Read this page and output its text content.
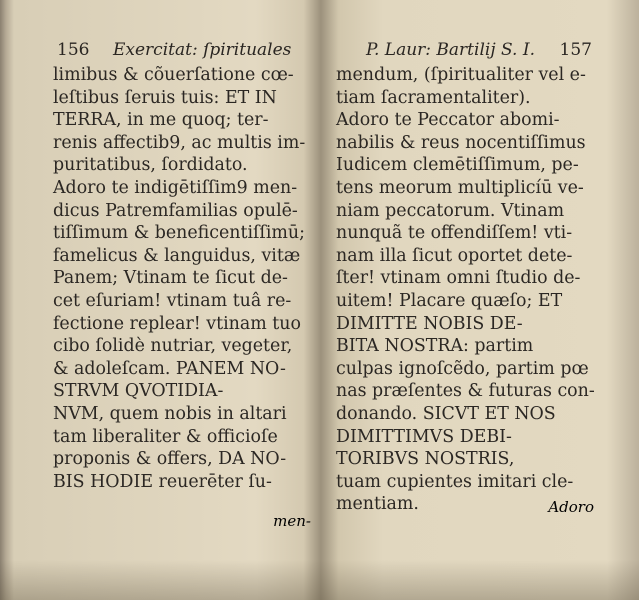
156 Exercitat: ſpirituales
limibus & cõuerſatione cœ-
leſtibus ſeruis tuis: ET IN
TERRA, in me quoq; ter-
renis affectib9, ac multis im-
puritatibus, ſordidato.
Adoro te indigētiſſim9 men-
dicus Patremfamilias opulē-
tiſſimum & beneficentiſſimū;
famelicus & languidus, vitæ
Panem; Vtinam te ſicut de-
cet eſuriam! vtinam tuâ re-
fectione replear! vtinam tuo
cibo ſolidè nutriar, vegeter,
& adoleſcam. PANEM NO-
STRVM QVOTIDIA-
NVM, quem nobis in altari
tam liberaliter & officioſe
proponis & offers, DA NO-
BIS HODIE reuerēter ſu-
men-
P. Laur: Bartilij S. I. 157
mendum, (ſpiritualiter vel e-
tiam ſacramentaliter).
Adoro te Peccator abomi-
nabilis & reus nocentiſſimus
Iudicem clemētiſſimum, pe-
tens meorum multiplicíū ve-
niam peccatorum. Vtinam
nunquã te offendiſſem! vti-
nam illa ſicut oportet dete-
ſter! vtinam omni ſtudio de-
uitem! Placare quæſo; ET
DIMITTE NOBIS DE-
BITA NOSTRA: partim
culpas ignoſcẽdo, partim pœ
nas præſentes & futuras con-
donando. SICVT ET NOS
DIMITTIMVS DEBI-
TORIBVS NOSTRIS,
tuam cupientes imitari cle-
mentiam.	Adoro
